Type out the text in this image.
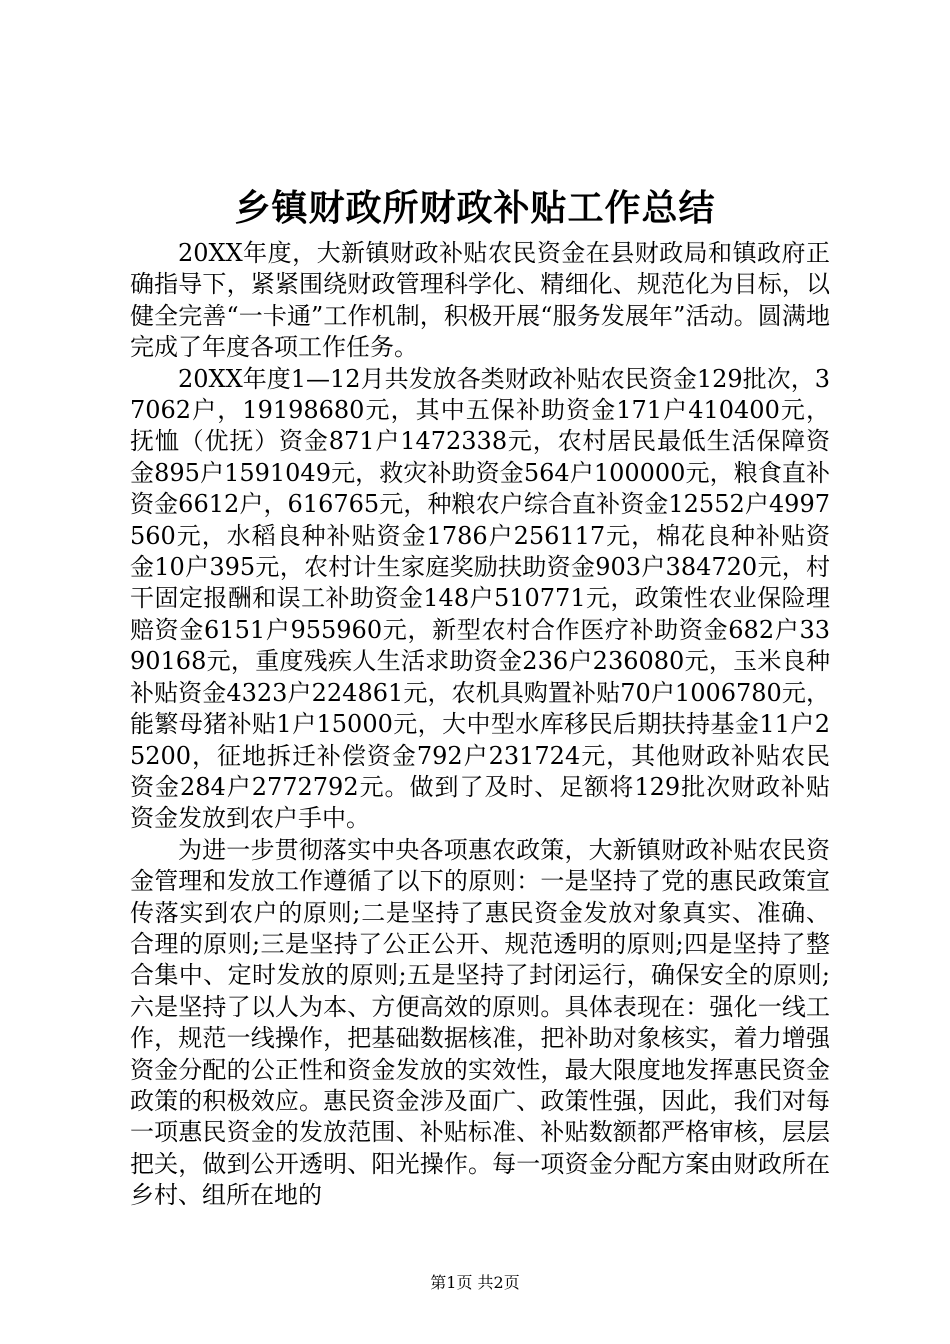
乡镇财政所财政补贴工作总结

20XX年度，大新镇财政补贴农民资金在县财政局和镇政府正确指导下，紧紧围绕财政管理科学化、精细化、规范化为目标，以健全完善“一卡通”工作机制，积极开展“服务发展年”活动。圆满地完成了年度各项工作任务。

20XX年度1—12月共发放各类财政补贴农民资金129批次，37062户，19198680元，其中五保补助资金171户410400元，抚恤（优抚）资金871户1472338元，农村居民最低生活保障资金895户1591049元，救灾补助资金564户100000元，粮食直补资金6612户，616765元，种粮农户综合直补资金12552户4997560元，水稻良种补贴资金1786户256117元，棉花良种补贴资金10户395元，农村计生家庭奖励扶助资金903户384720元，村干固定报酬和误工补助资金148户510771元，政策性农业保险理赔资金6151户955960元，新型农村合作医疗补助资金682户3390168元，重度残疾人生活求助资金236户236080元，玉米良种补贴资金4323户224861元，农机具购置补贴70户1006780元，能繁母猪补贴1户15000元，大中型水库移民后期扶持基金11户25200，征地拆迁补偿资金792户231724元，其他财政补贴农民资金284户2772792元。做到了及时、足额将129批次财政补贴资金发放到农户手中。

为进一步贯彻落实中央各项惠农政策，大新镇财政补贴农民资金管理和发放工作遵循了以下的原则：一是坚持了党的惠民政策宣传落实到农户的原则;二是坚持了惠民资金发放对象真实、准确、合理的原则;三是坚持了公正公开、规范透明的原则;四是坚持了整合集中、定时发放的原则;五是坚持了封闭运行，确保安全的原则;六是坚持了以人为本、方便高效的原则。具体表现在：强化一线工作，规范一线操作，把基础数据核准，把补助对象核实，着力增强资金分配的公正性和资金发放的实效性，最大限度地发挥惠民资金政策的积极效应。惠民资金涉及面广、政策性强，因此，我们对每一项惠民资金的发放范围、补贴标准、补贴数额都严格审核，层层把关，做到公开透明、阳光操作。每一项资金分配方案由财政所在乡村、组所在地的

第1页 共2页
